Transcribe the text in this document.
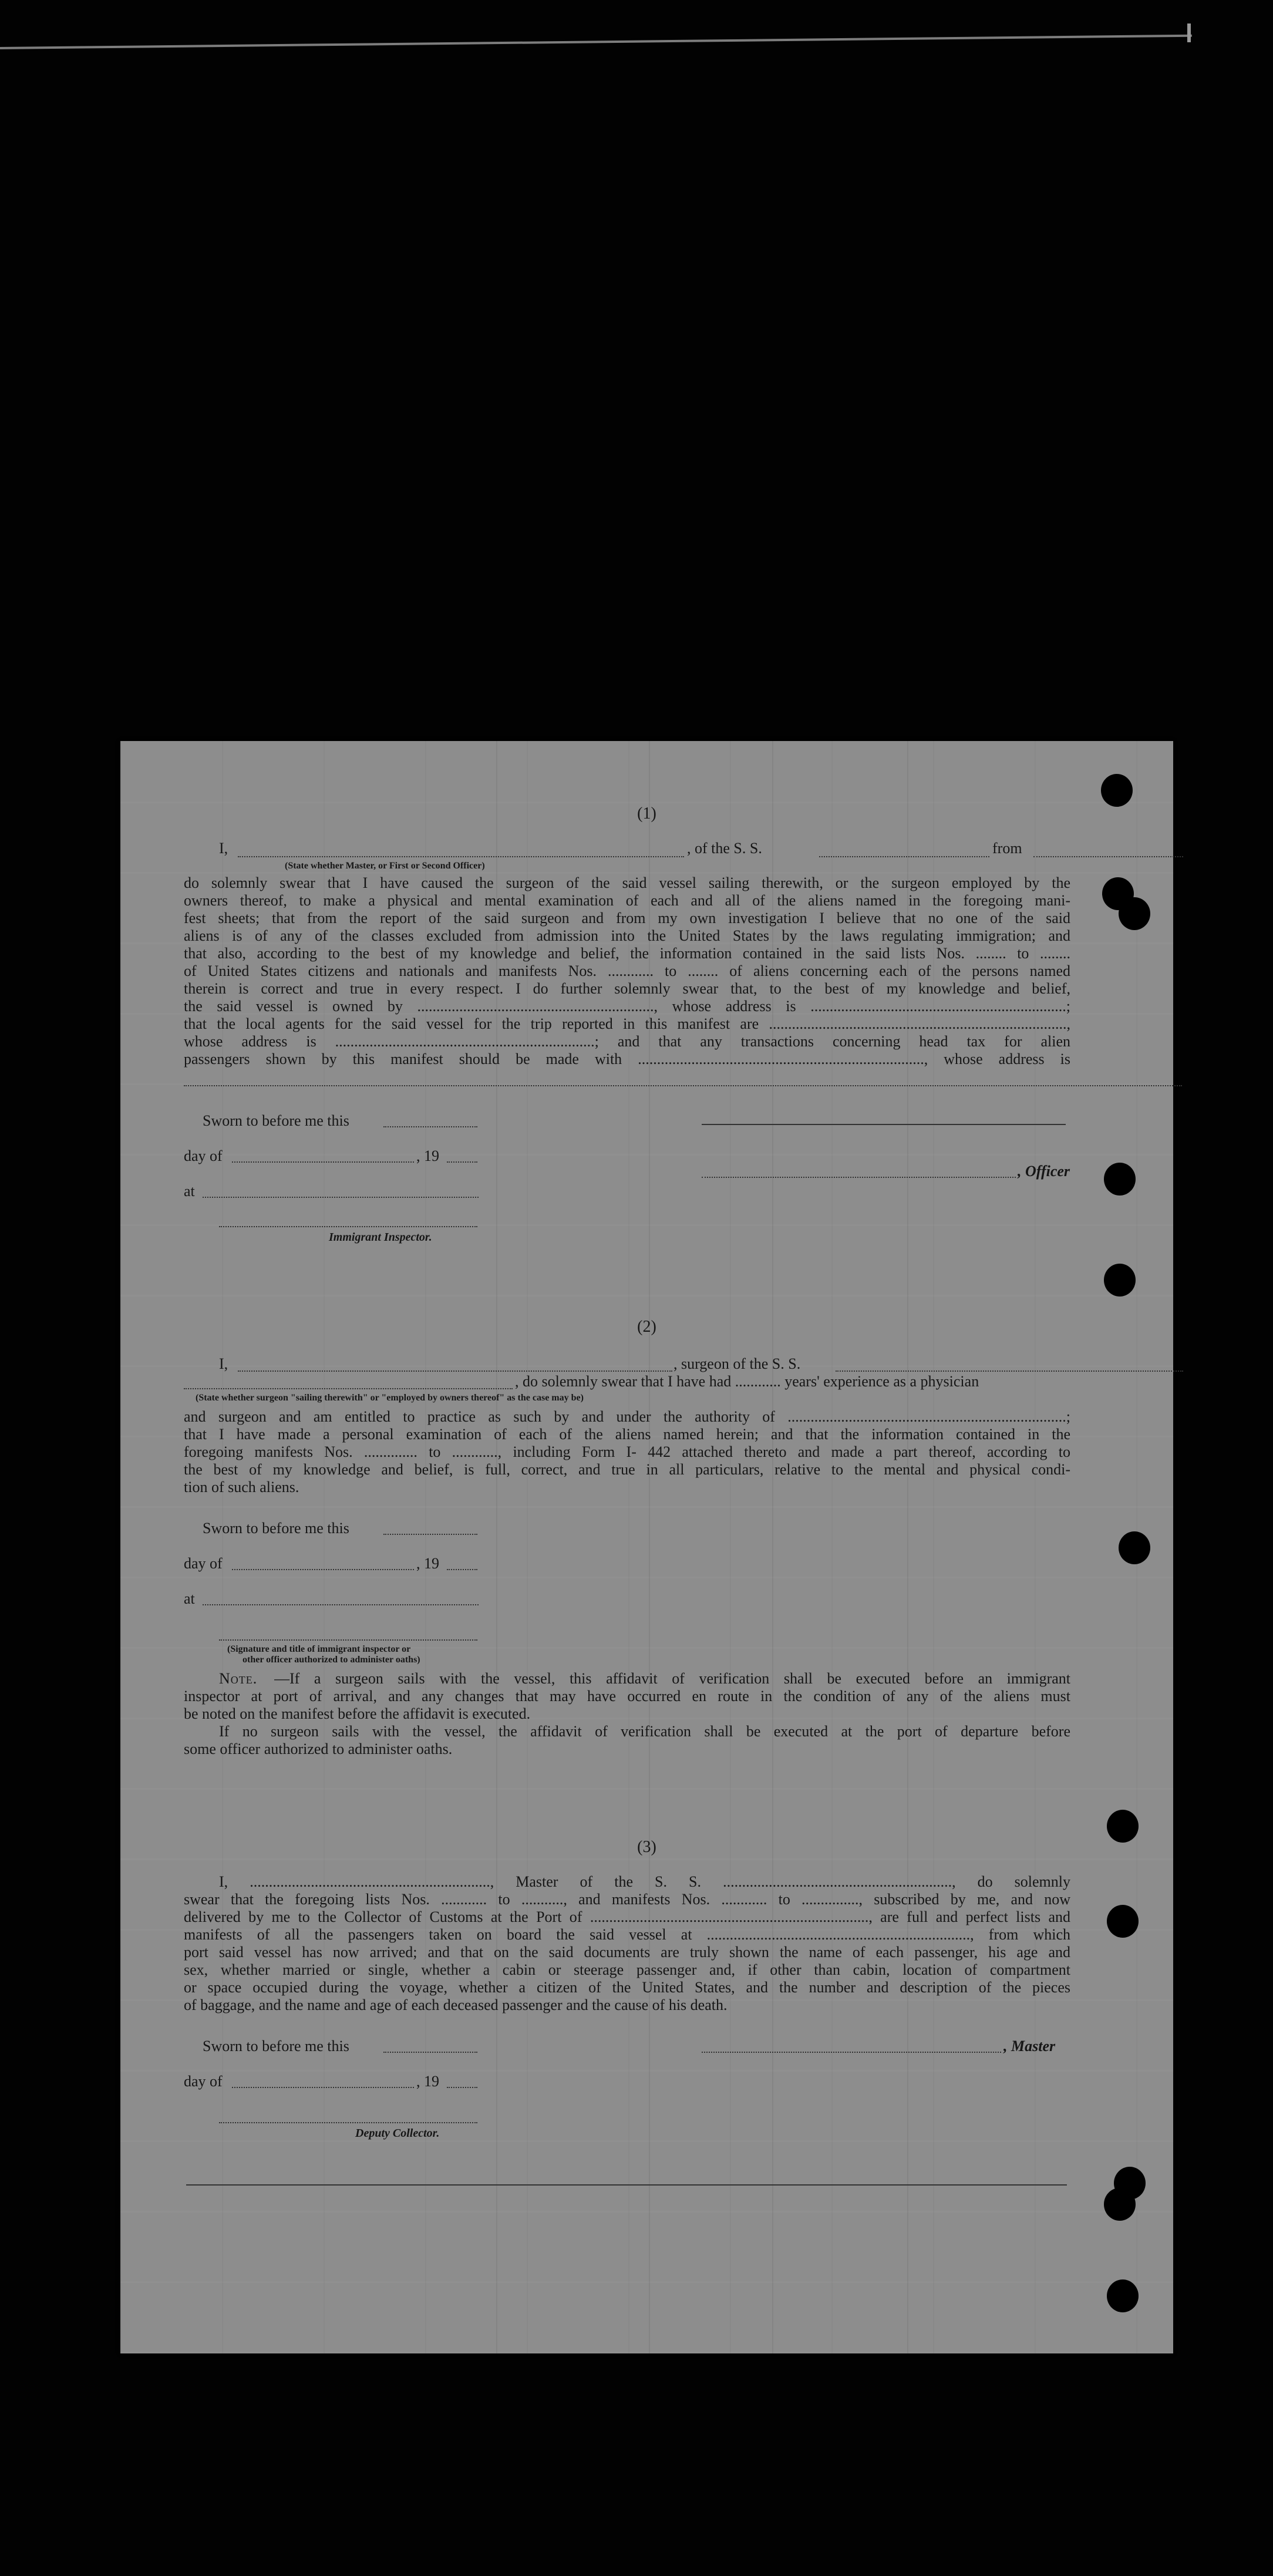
(1)
I,	, of the S. S.	from
(State whether Master, or First or Second Officer)
do solemnly swear that I have caused the surgeon of the said vessel sailing therewith, or the surgeon employed by the
owners thereof, to make a physical and mental examination of each and all of the aliens named in the foregoing mani-
fest sheets; that from the report of the said surgeon and from my own investigation I believe that no one of the said
aliens is of any of the classes excluded from admission into the United States by the laws regulating immigration; and
that also, according to the best of my knowledge and belief, the information contained in the said lists Nos. ........ to ........
of United States citizens and nationals and manifests Nos. ............ to ........ of aliens concerning each of the persons named
therein is correct and true in every respect. I do further solemnly swear that, to the best of my knowledge and belief,
the said vessel is owned by .............................................................., whose address is ...................................................................;
that the local agents for the said vessel for the trip reported in this manifest are ..............................................................................,
whose address is ....................................................................; and that any transactions concerning head tax for alien
passengers shown by this manifest should be made with ..........................................................................., whose address is
Sworn to before me this
day of	, 19
, Officer
at
Immigrant Inspector.
(2)
I,	, surgeon of the S. S.
, do solemnly swear that I have had ............ years' experience as a physician
(State whether surgeon "sailing therewith" or "employed by owners thereof" as the case may be)
and surgeon and am entitled to practice as such by and under the authority of .........................................................................;
that I have made a personal examination of each of the aliens named herein; and that the information contained in the
foregoing manifests Nos. .............. to ............, including Form I- 442 attached thereto and made a part thereof, according to
the best of my knowledge and belief, is full, correct, and true in all particulars, relative to the mental and physical condi-
tion of such aliens.
Sworn to before me this
day of	, 19
at
(Signature and title of immigrant inspector or
other officer authorized to administer oaths)
Note. —If a surgeon sails with the vessel, this affidavit of verification shall be executed before an immigrant
inspector at port of arrival, and any changes that may have occurred en route in the condition of any of the aliens must
be noted on the manifest before the affidavit is executed.
If no surgeon sails with the vessel, the affidavit of verification shall be executed at the port of departure before
some officer authorized to administer oaths.
(3)
I, ..............................................................., Master of the S. S. ............................................................, do solemnly
swear that the foregoing lists Nos. ............ to ..........., and manifests Nos. ............ to ..............., subscribed by me, and now
delivered by me to the Collector of Customs at the Port of ........................................................................., are full and perfect lists and
manifests of all the passengers taken on board the said vessel at ....................................................................., from which
port said vessel has now arrived; and that on the said documents are truly shown the name of each passenger, his age and
sex, whether married or single, whether a cabin or steerage passenger and, if other than cabin, location of compartment
or space occupied during the voyage, whether a citizen of the United States, and the number and description of the pieces
of baggage, and the name and age of each deceased passenger and the cause of his death.
Sworn to before me this	, Master
day of	, 19
Deputy Collector.
